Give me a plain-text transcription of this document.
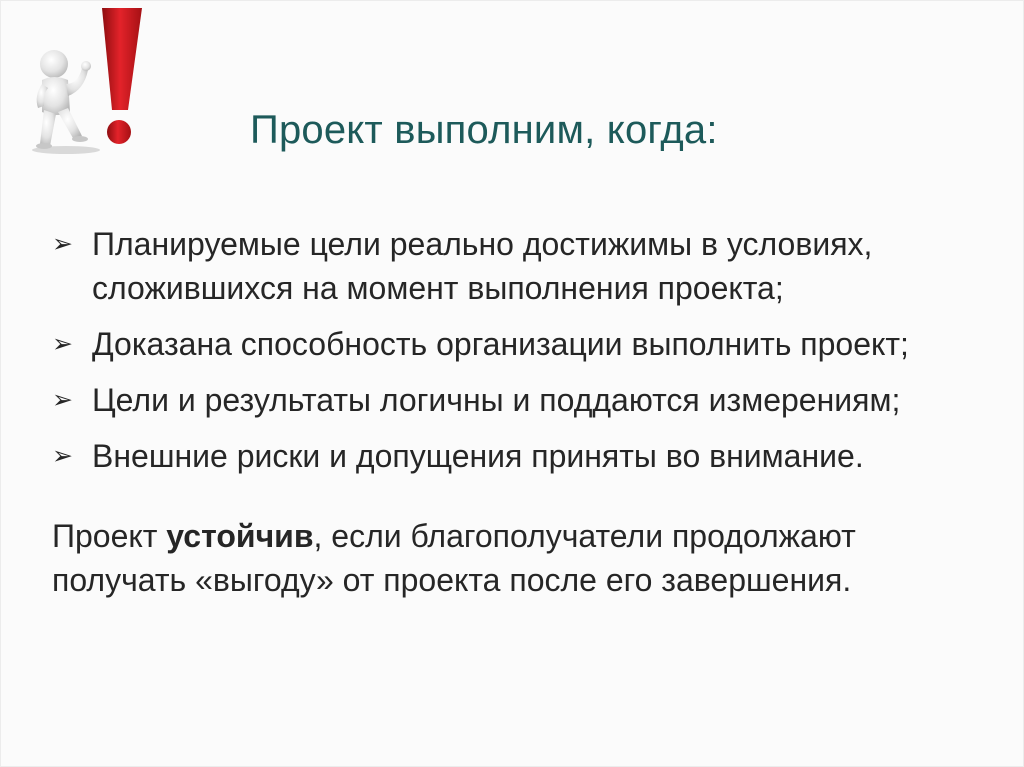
Проект выполним, когда:
➢ Планируемые цели реально достижимы в условиях, сложившихся на момент выполнения проекта;
➢ Доказана способность организации выполнить проект;
➢ Цели и результаты логичны и поддаются измерениям;
➢ Внешние риски и допущения приняты во внимание.

Проект устойчив, если благополучатели продолжают получать «выгоду» от проекта после его завершения.
